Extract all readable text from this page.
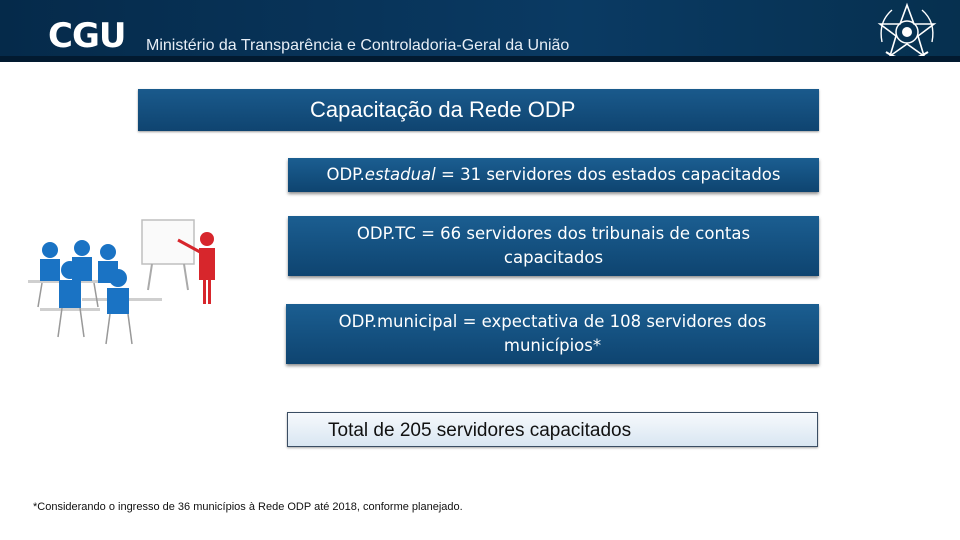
CGU Ministério da Transparência e Controladoria-Geral da União
Capacitação da Rede ODP
ODP.estadual = 31 servidores dos estados capacitados
ODP.TC = 66 servidores dos tribunais de contas capacitados
ODP.municipal = expectativa de 108 servidores dos municípios*
Total de 205 servidores capacitados
*Considerando o ingresso de 36 municípios à Rede ODP até 2018, conforme planejado.
